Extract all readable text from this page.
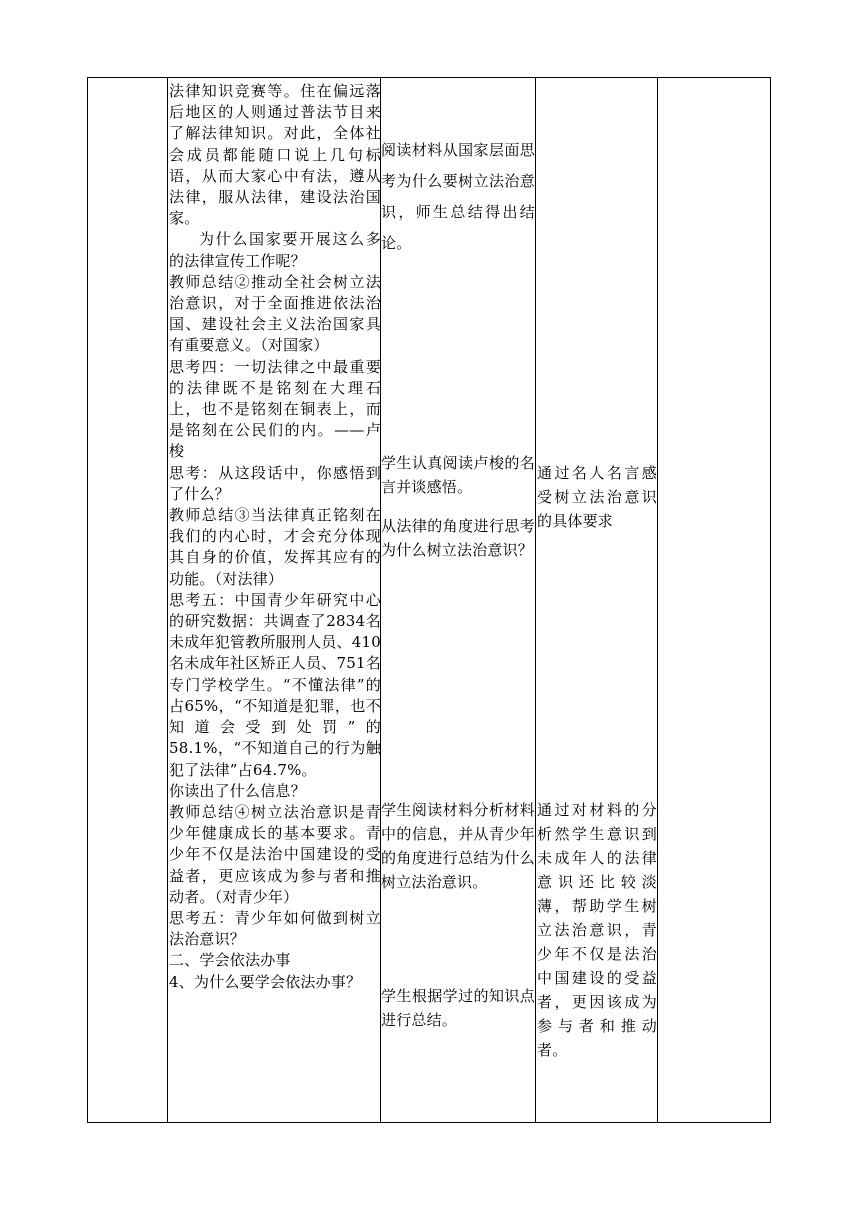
法律知识竞赛等。住在偏远落后地区的人则通过普法节目来了解法律知识。对此，全体社会成员都能随口说上几句标语，从而大家心中有法，遵从法律，服从法律，建设法治国家。

为什么国家要开展这么多的法律宣传工作呢？

教师总结②推动全社会树立法治意识，对于全面推进依法治国、建设社会主义法治国家具有重要意义。（对国家）

思考四：一切法律之中最重要的法律既不是铭刻在大理石上，也不是铭刻在铜表上，而是铭刻在公民们的内。——卢梭

思考：从这段话中，你感悟到了什么？

教师总结③当法律真正铭刻在我们的内心时，才会充分体现其自身的价值，发挥其应有的功能。（对法律）

思考五：中国青少年研究中心的研究数据：共调查了2834名未成年犯管教所服刑人员、410名未成年社区矫正人员、751名专门学校学生。“不懂法律”的占65%，“不知道是犯罪，也不知道会受到处罚”的58.1%，“不知道自己的行为触犯了法律”占64.7%。

你读出了什么信息？

教师总结④树立法治意识是青少年健康成长的基本要求。青少年不仅是法治中国建设的受益者，更应该成为参与者和推动者。（对青少年）

思考五：青少年如何做到树立法治意识？

二、学会依法办事

4、为什么要学会依法办事？

阅读材料从国家层面思考为什么要树立法治意识，师生总结得出结论。
学生认真阅读卢梭的名言并谈感悟。
从法律的角度进行思考为什么树立法治意识？
学生阅读材料分析材料中的信息，并从青少年的角度进行总结为什么树立法治意识。
学生根据学过的知识点进行总结。
通过名人名言感受树立法治意识的具体要求
通过对材料的分析然学生意识到未成年人的法律意识还比较淡薄，帮助学生树立法治意识，青少年不仅是法治中国建设的受益者，更因该成为参与者和推动者。
